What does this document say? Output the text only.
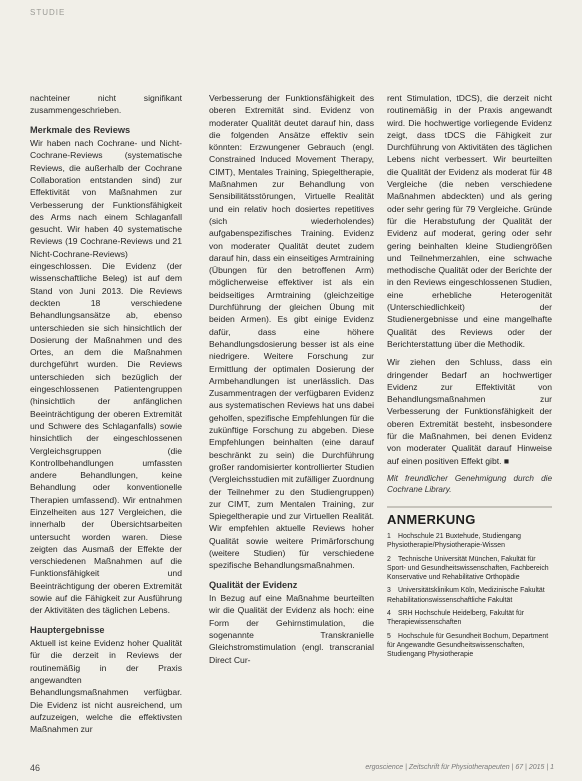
STUDIE

nachteiner nicht signifikant zusammengeschrieben.

Merkmale des Reviews

Wir haben nach Cochrane- und Nicht-Cochrane-Reviews (systematische Reviews, die außerhalb der Cochrane Collaboration entstanden sind) zur Effektivität von Maßnahmen zur Verbesserung der Funktionsfähigkeit des Arms nach einem Schlaganfall gesucht. Wir haben 40 systematische Reviews (19 Cochrane-Reviews und 21 Nicht-Cochrane-Reviews) eingeschlossen. Die Evidenz (der wissenschaftliche Beleg) ist auf dem Stand von Juni 2013. Die Reviews deckten 18 verschiedene Behandlungsansätze ab, ebenso unterschieden sie sich hinsichtlich der Dosierung der Maßnahmen und des Ortes, an dem die Maßnahmen durchgeführt wurden. Die Reviews unterschieden sich bezüglich der eingeschlossenen Patientengruppen (hinsichtlich der anfänglichen Beeinträchtigung der oberen Extremität und Schwere des Schlaganfalls) sowie hinsichtlich der eingeschlossenen Vergleichsgruppen (die Kontrollbehandlungen umfassten andere Behandlungen, keine Behandlung oder konventionelle Therapien umfassend). Wir entnahmen Einzelheiten aus 127 Vergleichen, die innerhalb der Übersichtsarbeiten untersucht worden waren. Diese zeigten das Ausmaß der Effekte der verschiedenen Maßnahmen auf die Funktionsfähigkeit und Beeinträchtigung der oberen Extremität sowie auf die Fähigkeit zur Ausführung der Aktivitäten des täglichen Lebens.

Hauptergebnisse

Aktuell ist keine Evidenz hoher Qualität für die derzeit in Reviews der routinemäßig in der Praxis angewandten Behandlungsmaßnahmen verfügbar. Die Evidenz ist nicht ausreichend, um aufzuzeigen, welche die effektivsten Maßnahmen zur

Verbesserung der Funktionsfähigkeit des oberen Extremität sind. Evidenz von moderater Qualität deutet darauf hin, dass die folgenden Ansätze effektiv sein könnten: Erzwungener Gebrauch (engl. Constrained Induced Movement Therapy, CIMT), Mentales Training, Spiegeltherapie, Maßnahmen zur Behandlung von Sensibilitätsstörungen, Virtuelle Realität und ein relativ hoch dosiertes repetitives (sich wiederholendes) aufgabenspezifisches Training. Evidenz von moderater Qualität deutet zudem darauf hin, dass ein einseitiges Armtraining (Übungen für den betroffenen Arm) möglicherweise effektiver ist als ein beidseitiges Armtraining (gleichzeitige Durchführung der gleichen Übung mit beiden Armen). Es gibt einige Evidenz dafür, dass eine höhere Behandlungsdosierung besser ist als eine niedrigere. Weitere Forschung zur Ermittlung der optimalen Dosierung der Armbehandlungen ist unerlässlich. Das Zusammentragen der verfügbaren Evidenz aus systematischen Reviews hat uns dabei geholfen, spezifische Empfehlungen für die zukünftige Forschung zu abgeben. Diese Empfehlungen beinhalten (eine darauf beschränkt zu sein) die Durchführung großer randomisierter kontrollierter Studien (Vergleichsstudien mit zufälliger Zuordnung der Teilnehmer zu den Studiengruppen) zur CIMT, zum Mentalen Training, zur Spiegeltherapie und zur Virtuellen Realität. Wir empfehlen aktuelle Reviews hoher Qualität sowie weitere Primärforschung (weitere Studien) für verschiedene spezifische Behandlungsmaßnahmen.

Qualität der Evidenz

In Bezug auf eine Maßnahme beurteilten wir die Qualität der Evidenz als hoch: eine Form der Gehirnstimulation, die sogenannte Transkranielle Gleichstromstimulation (engl. transcranial Direct Cur-

rent Stimulation, tDCS), die derzeit nicht routinemäßig in der Praxis angewandt wird. Die hochwertige vorliegende Evidenz zeigt, dass tDCS die Fähigkeit zur Durchführung von Aktivitäten des täglichen Lebens nicht verbessert. Wir beurteilten die Qualität der Evidenz als moderat für 48 Vergleiche (die neben verschiedene Maßnahmen abdeckten) und als gering oder sehr gering für 79 Vergleiche. Gründe für die Herabstufung der Qualität der Evidenz auf moderat, gering oder sehr gering beinhalten kleine Studiengrößen und Teilnehmerzahlen, eine schwache methodische Qualität oder der Berichte der in den Reviews eingeschlossenen Studien, eine erhebliche Heterogenität (Unterschiedlichkeit) der Studienergebnisse und eine mangelhafte Qualität des Reviews oder der Berichterstattung über die Methodik.

Wir ziehen den Schluss, dass ein dringender Bedarf an hochwertiger Evidenz zur Effektivität von Behandlungsmaßnahmen zur Verbesserung der Funktionsfähigkeit der oberen Extremität besteht, insbesondere für die Maßnahmen, bei denen Evidenz von moderater Qualität darauf Hinweise auf einen positiven Effekt gibt. ■

Mit freundlicher Genehmigung durch die Cochrane Library.

ANMERKUNG
1 Hochschule 21 Buxtehude, Studiengang Physiotherapie/Physiotherapie-Wissen
2 Technische Universität München, Fakultät für Sport- und Gesundheitswissenschaften, Fachbereich Konservative und Rehabilitative Orthopädie
3 Universitätsklinikum Köln, Medizinische Fakultät Rehabilitationswissenschaftliche Fakultät
4 SRH Hochschule Heidelberg, Fakultät für Therapiewissenschaften
5 Hochschule für Gesundheit Bochum, Department für Angewandte Gesundheitswissenschaften, Studiengang Physiotherapie
46	ergoscience | Zeitschrift für Physiotherapeuten | 67 | 2015 | 1
